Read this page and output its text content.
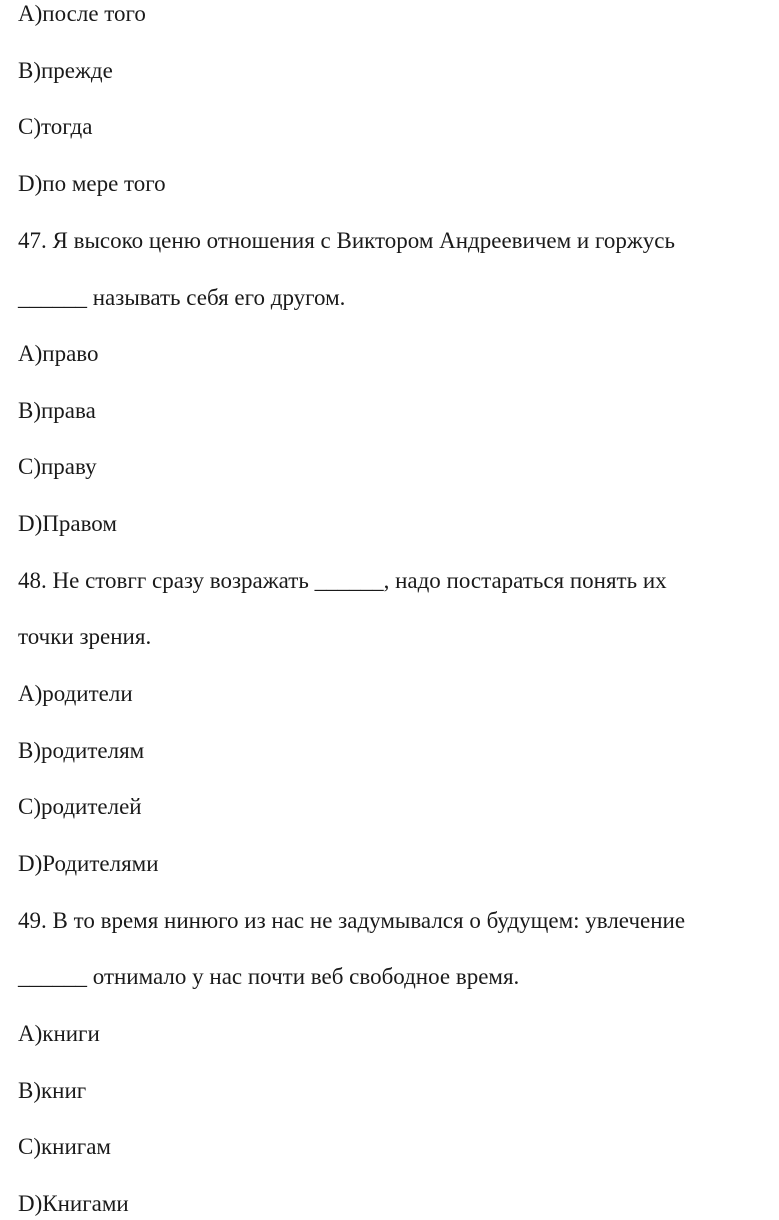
A)после того
B)прежде
C)тогда
D)по мере того
47. Я высоко ценю отношения с Виктором Андреевичем и горжусь
______ называть себя его другом.
A)право
B)права
C)праву
D)Правом
48. Не стовгг сразу возражать ______, надо постараться понять их
точки зрения.
A)родители
B)родителям
C)родителей
D)Родителями
49. В то время нинюго из нас не задумывался о будущем: увлечение
______ отнимало у нас почти веб свободное время.
A)книги
B)книг
C)книгам
D)Книгами
